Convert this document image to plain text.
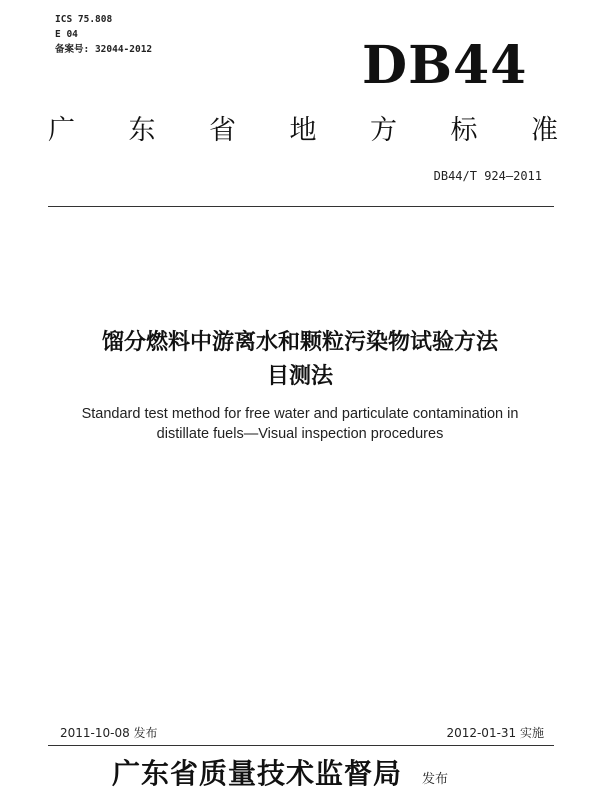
ICS 75.808
E 04
备案号: 32044-2012	DB44
广 东 省 地 方 标 准
DB44/T 924—2011
馏分燃料中游离水和颗粒污染物试验方法
目测法
Standard test method for free water and particulate contamination in
distillate fuels—Visual inspection procedures
2011-10-08 发布	2012-01-31 实施
广东省质量技术监督局 发布
